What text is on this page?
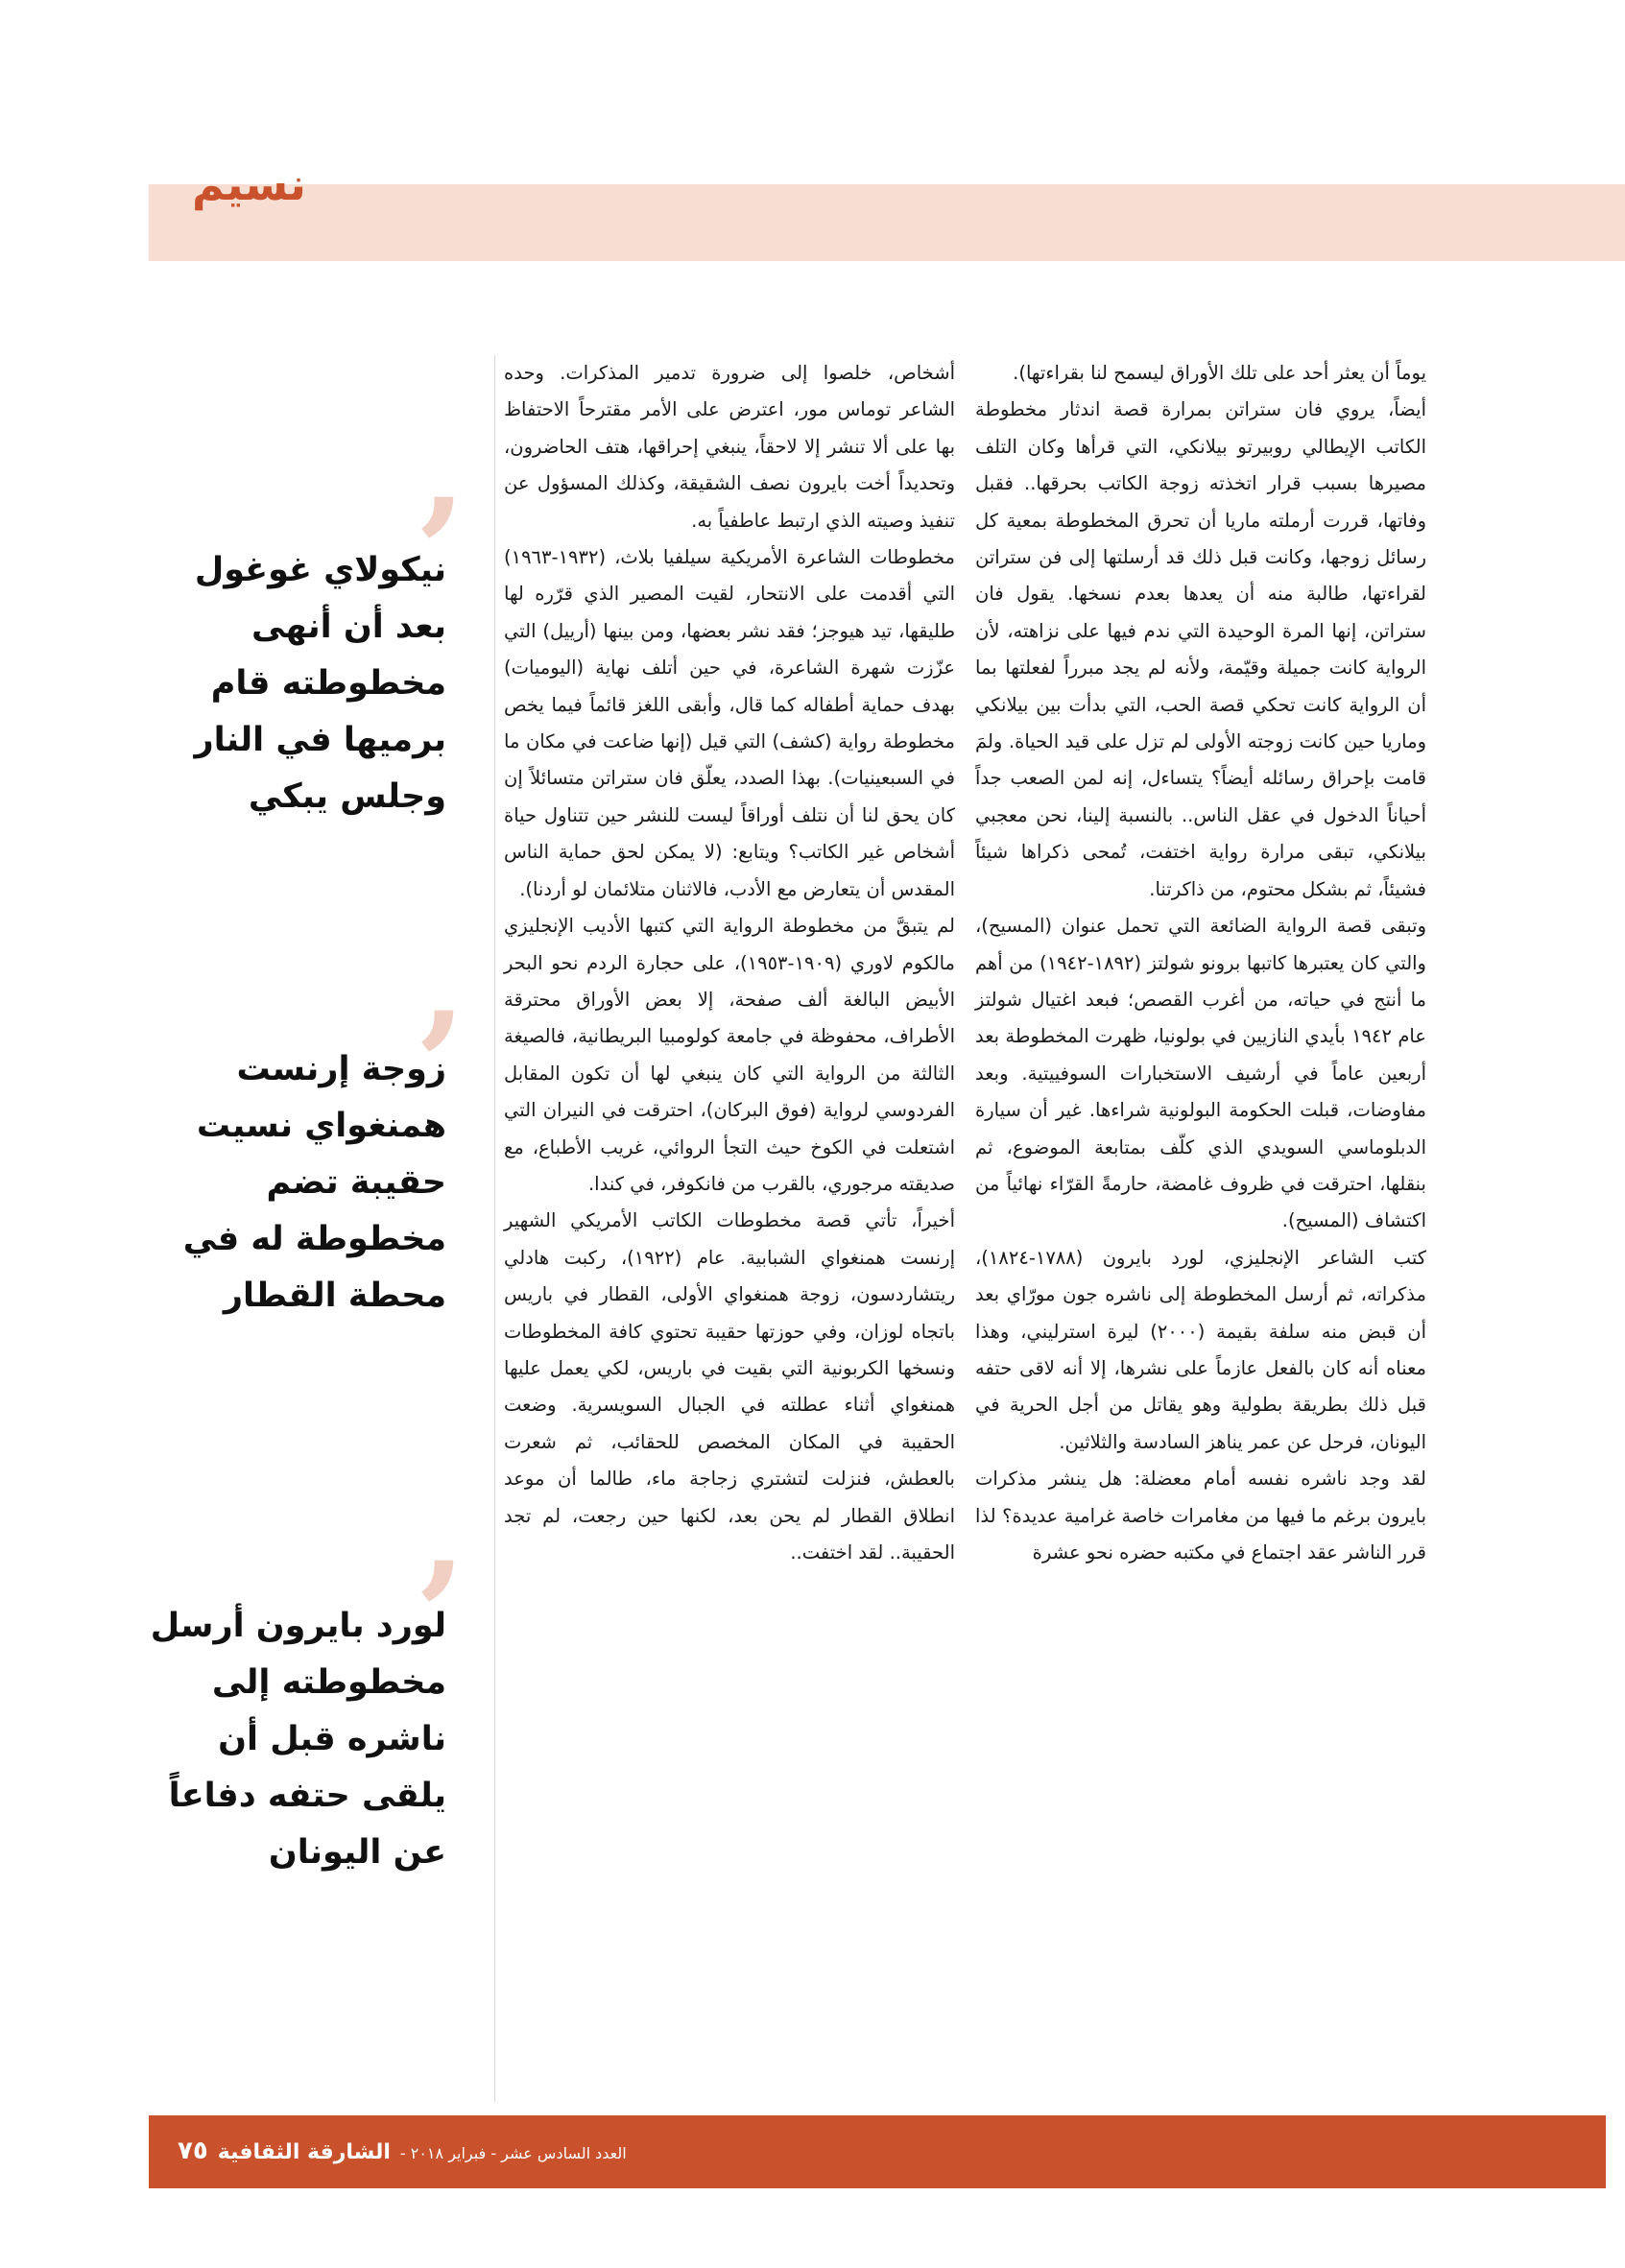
نسيم

يوماً أن يعثر أحد على تلك الأوراق ليسمح لنا بقراءتها).

أيضاً، يروي فان ستراتن بمرارة قصة اندثار مخطوطة الكاتب الإيطالي روبيرتو بيلانكي، التي قرأها وكان التلف مصيرها بسبب قرار اتخذته زوجة الكاتب بحرقها.. فقبل وفاتها، قررت أرملته ماريا أن تحرق المخطوطة بمعية كل رسائل زوجها، وكانت قبل ذلك قد أرسلتها إلى فن ستراتن لقراءتها، طالبة منه أن يعدها بعدم نسخها. يقول فان ستراتن، إنها المرة الوحيدة التي ندم فيها على نزاهته، لأن الرواية كانت جميلة وقيّمة، ولأنه لم يجد مبرراً لفعلتها بما أن الرواية كانت تحكي قصة الحب، التي بدأت بين بيلانكي وماريا حين كانت زوجته الأولى لم تزل على قيد الحياة. ولمَ قامت بإحراق رسائله أيضاً؟ يتساءل، إنه لمن الصعب جداً أحياناً الدخول في عقل الناس.. بالنسبة إلينا، نحن معجبي بيلانكي، تبقى مرارة رواية اختفت، تُمحى ذكراها شيئاً فشيئاً، ثم بشكل محتوم، من ذاكرتنا.

وتبقى قصة الرواية الضائعة التي تحمل عنوان (المسيح)، والتي كان يعتبرها كاتبها برونو شولتز (١٨٩٢-١٩٤٢) من أهم ما أنتج في حياته، من أغرب القصص؛ فبعد اغتيال شولتز عام ١٩٤٢ بأيدي النازيين في بولونيا، ظهرت المخطوطة بعد أربعين عاماً في أرشيف الاستخبارات السوفييتية. وبعد مفاوضات، قبلت الحكومة البولونية شراءها. غير أن سيارة الدبلوماسي السويدي الذي كلّف بمتابعة الموضوع، ثم بنقلها، احترقت في ظروف غامضة، حارمةً القرّاء نهائياً من اكتشاف (المسيح).

كتب الشاعر الإنجليزي، لورد بايرون (١٧٨٨-١٨٢٤)، مذكراته، ثم أرسل المخطوطة إلى ناشره جون مورّاي بعد أن قبض منه سلفة بقيمة (٢٠٠٠) ليرة استرليني، وهذا معناه أنه كان بالفعل عازماً على نشرها، إلا أنه لاقى حتفه قبل ذلك بطريقة بطولية وهو يقاتل من أجل الحرية في اليونان، فرحل عن عمر يناهز السادسة والثلاثين.

لقد وجد ناشره نفسه أمام معضلة: هل ينشر مذكرات بايرون برغم ما فيها من مغامرات خاصة غرامية عديدة؟ لذا قرر الناشر عقد اجتماع في مكتبه حضره نحو عشرة

أشخاص، خلصوا إلى ضرورة تدمير المذكرات. وحده الشاعر توماس مور، اعترض على الأمر مقترحاً الاحتفاظ بها على ألا تنشر إلا لاحقاً، ينبغي إحراقها، هتف الحاضرون، وتحديداً أخت بايرون نصف الشقيقة، وكذلك المسؤول عن تنفيذ وصيته الذي ارتبط عاطفياً به.

مخطوطات الشاعرة الأمريكية سيلفيا بلاث، (١٩٣٢-١٩٦٣) التي أقدمت على الانتحار، لقيت المصير الذي قرّره لها طليقها، تيد هيوجز؛ فقد نشر بعضها، ومن بينها (أرييل) التي عزّزت شهرة الشاعرة، في حين أتلف نهاية (اليوميات) بهدف حماية أطفاله كما قال، وأبقى اللغز قائماً فيما يخص مخطوطة رواية (كشف) التي قيل (إنها ضاعت في مكان ما في السبعينيات). بهذا الصدد، يعلّق فان ستراتن متسائلاً إن كان يحق لنا أن نتلف أوراقاً ليست للنشر حين تتناول حياة أشخاص غير الكاتب؟ ويتابع: (لا يمكن لحق حماية الناس المقدس أن يتعارض مع الأدب، فالاثنان متلائمان لو أردنا).

لم يتبقَّ من مخطوطة الرواية التي كتبها الأديب الإنجليزي مالكوم لاوري (١٩٠٩-١٩٥٣)، على حجارة الردم نحو البحر الأبيض البالغة ألف صفحة، إلا بعض الأوراق محترقة الأطراف، محفوظة في جامعة كولومبيا البريطانية، فالصيغة الثالثة من الرواية التي كان ينبغي لها أن تكون المقابل الفردوسي لرواية (فوق البركان)، احترقت في النيران التي اشتعلت في الكوخ حيث التجأ الروائي، غريب الأطباع، مع صديقته مرجوري، بالقرب من فانكوفر، في كندا.

أخيراً، تأتي قصة مخطوطات الكاتب الأمريكي الشهير إرنست همنغواي الشبابية. عام (١٩٢٢)، ركبت هادلي ريتشاردسون، زوجة همنغواي الأولى، القطار في باريس باتجاه لوزان، وفي حوزتها حقيبة تحتوي كافة المخطوطات ونسخها الكربونية التي بقيت في باريس، لكي يعمل عليها همنغواي أثناء عطلته في الجبال السويسرية. وضعت الحقيبة في المكان المخصص للحقائب، ثم شعرت بالعطش، فنزلت لتشتري زجاجة ماء، طالما أن موعد انطلاق القطار لم يحن بعد، لكنها حين رجعت، لم تجد الحقيبة.. لقد اختفت..

’
نيكولاي غوغول بعد أن أنهى مخطوطته قام برميها في النار وجلس يبكي
’
زوجة إرنست همنغواي نسيت حقيبة تضم مخطوطة له في محطة القطار
’
لورد بايرون أرسل مخطوطته إلى ناشره قبل أن يلقى حتفه دفاعاً عن اليونان
العدد السادس عشر - فبراير ٢٠١٨ -
الشارقة الثقافية
٧٥
